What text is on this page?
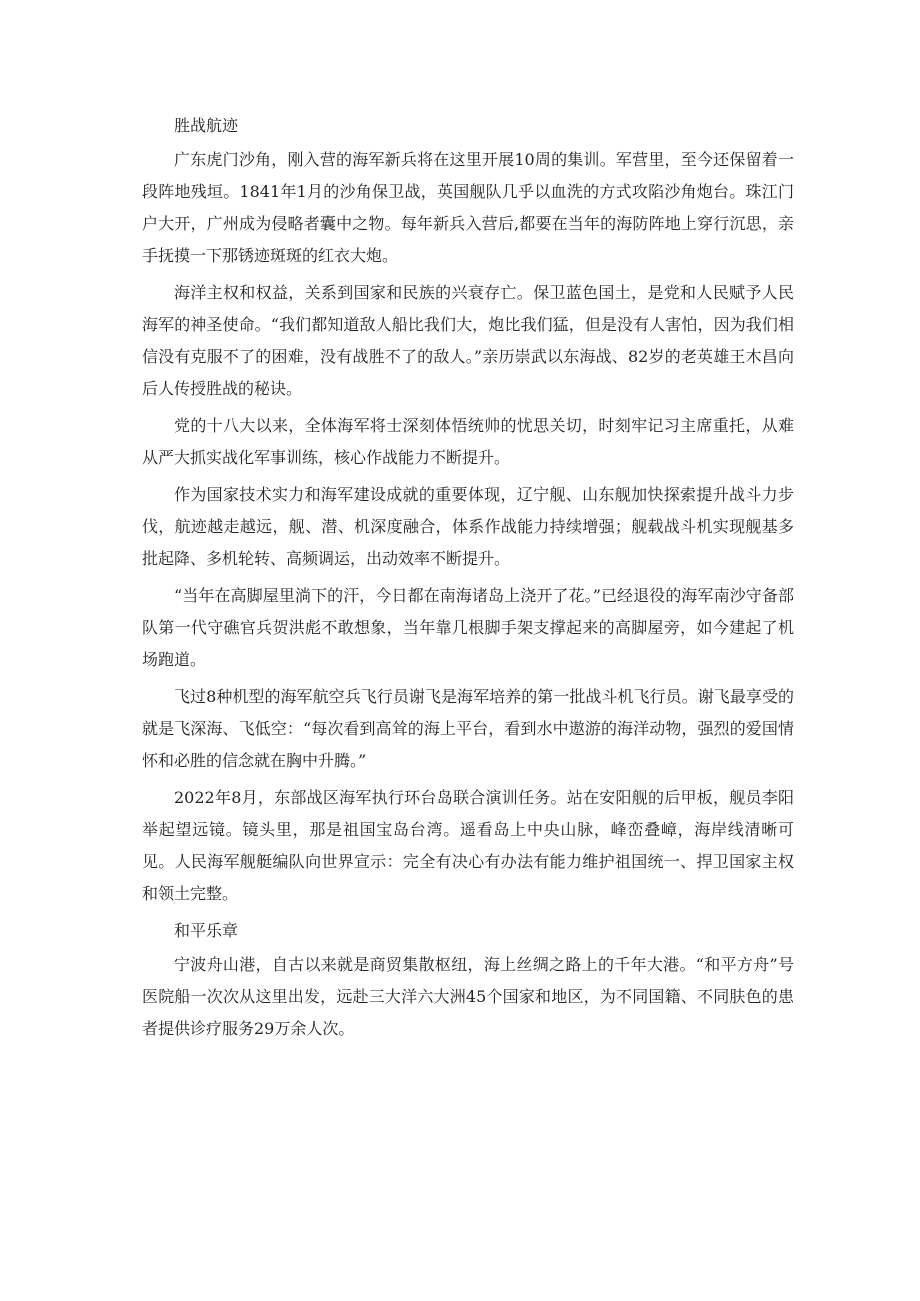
胜战航迹

广东虎门沙角，刚入营的海军新兵将在这里开展10周的集训。军营里，至今还保留着一段阵地残垣。1841年1月的沙角保卫战，英国舰队几乎以血洗的方式攻陷沙角炮台。珠江门户大开，广州成为侵略者囊中之物。每年新兵入营后,都要在当年的海防阵地上穿行沉思，亲手抚摸一下那锈迹斑斑的红衣大炮。

海洋主权和权益，关系到国家和民族的兴衰存亡。保卫蓝色国土，是党和人民赋予人民海军的神圣使命。“我们都知道敌人船比我们大，炮比我们猛，但是没有人害怕，因为我们相信没有克服不了的困难，没有战胜不了的敌人。”亲历崇武以东海战、82岁的老英雄王木昌向后人传授胜战的秘诀。

党的十八大以来，全体海军将士深刻体悟统帅的忧思关切，时刻牢记习主席重托，从难从严大抓实战化军事训练，核心作战能力不断提升。

作为国家技术实力和海军建设成就的重要体现，辽宁舰、山东舰加快探索提升战斗力步伐，航迹越走越远，舰、潜、机深度融合，体系作战能力持续增强；舰载战斗机实现舰基多批起降、多机轮转、高频调运，出动效率不断提升。

“当年在高脚屋里淌下的汗，今日都在南海诸岛上浇开了花。”已经退役的海军南沙守备部队第一代守礁官兵贺洪彪不敢想象，当年靠几根脚手架支撑起来的高脚屋旁，如今建起了机场跑道。

飞过8种机型的海军航空兵飞行员谢飞是海军培养的第一批战斗机飞行员。谢飞最享受的就是飞深海、飞低空：“每次看到高耸的海上平台，看到水中遨游的海洋动物，强烈的爱国情怀和必胜的信念就在胸中升腾。”

2022年8月，东部战区海军执行环台岛联合演训任务。站在安阳舰的后甲板，舰员李阳举起望远镜。镜头里，那是祖国宝岛台湾。遥看岛上中央山脉，峰峦叠嶂，海岸线清晰可见。人民海军舰艇编队向世界宣示：完全有决心有办法有能力维护祖国统一、捍卫国家主权和领土完整。

和平乐章

宁波舟山港，自古以来就是商贸集散枢纽，海上丝绸之路上的千年大港。“和平方舟”号医院船一次次从这里出发，远赴三大洋六大洲45个国家和地区，为不同国籍、不同肤色的患者提供诊疗服务29万余人次。
